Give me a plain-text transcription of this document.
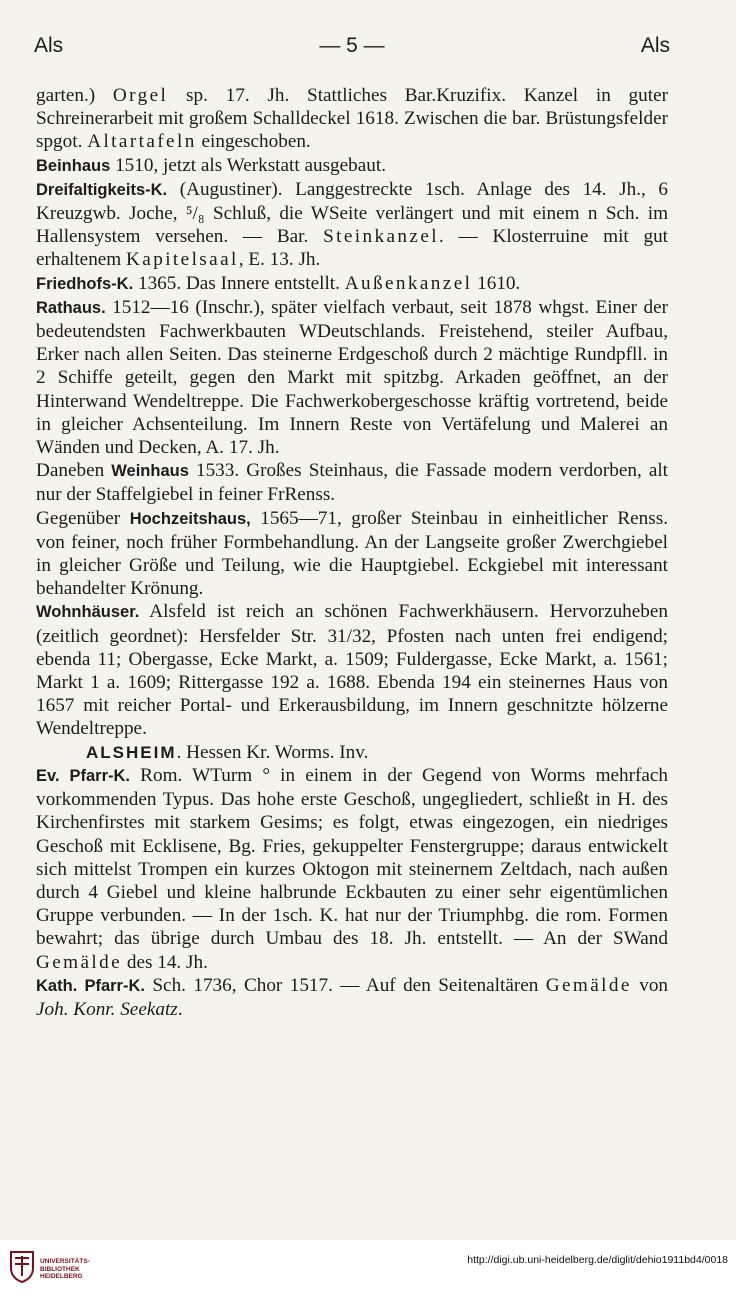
Als	— 5 —	Als
garten.) Orgel sp. 17. Jh. Stattliches Bar.Kruzifix. Kanzel in guter Schreinerarbeit mit großem Schalldeckel 1618. Zwischen die bar. Brüstungsfelder spgot. Altartafeln eingeschoben.
Beinhaus 1510, jetzt als Werkstatt ausgebaut.
Dreifaltigkeits-K. (Augustiner). Langgestreckte 1sch. Anlage des 14. Jh., 6 Kreuzgwb. Joche, ⁵/₈ Schluß, die WSeite verlängert und mit einem n Sch. im Hallensystem versehen. — Bar. Steinkanzel. — Klosterruine mit gut erhaltenem Kapitelsaal, E. 13. Jh.
Friedhofs-K. 1365. Das Innere entstellt. Außenkanzel 1610.
Rathaus. 1512—16 (Inschr.), später vielfach verbaut, seit 1878 whgst. Einer der bedeutendsten Fachwerkbauten WDeutschlands. Freistehend, steiler Aufbau, Erker nach allen Seiten. Das steinerne Erdgeschoß durch 2 mächtige Rundpfll. in 2 Schiffe geteilt, gegen den Markt mit spitzbg. Arkaden geöffnet, an der Hinterwand Wendeltreppe. Die Fachwerkobergeschosse kräftig vortretend, beide in gleicher Achsenteilung. Im Innern Reste von Vertäfelung und Malerei an Wänden und Decken, A. 17. Jh.
Daneben Weinhaus 1533. Großes Steinhaus, die Fassade modern verdorben, alt nur der Staffelgiebel in feiner FrRenss.
Gegenüber Hochzeitshaus, 1565—71, großer Steinbau in einheitlicher Renss. von feiner, noch früher Formbehandlung. An der Langseite großer Zwerchgiebel in gleicher Größe und Teilung, wie die Hauptgiebel. Eckgiebel mit interessant behandelter Krönung.
Wohnhäuser. Alsfeld ist reich an schönen Fachwerkhäusern. Hervorzuheben (zeitlich geordnet): Hersfelder Str. 31/32, Pfosten nach unten frei endigend; ebenda 11; Obergasse, Ecke Markt, a. 1509; Fuldergasse, Ecke Markt, a. 1561; Markt 1 a. 1609; Rittergasse 192 a. 1688. Ebenda 194 ein steinernes Haus von 1657 mit reicher Portal- und Erkerausbildung, im Innern geschnitzte hölzerne Wendeltreppe.
ALSHEIM. Hessen Kr. Worms. Inv.
Ev. Pfarr-K. Rom. WTurm ° in einem in der Gegend von Worms mehrfach vorkommenden Typus. Das hohe erste Geschoß, ungegliedert, schließt in H. des Kirchenfirstes mit starkem Gesims; es folgt, etwas eingezogen, ein niedriges Geschoß mit Ecklisene, Bg. Fries, gekuppelter Fenstergruppe; daraus entwickelt sich mittelst Trompen ein kurzes Oktogon mit steinernem Zeltdach, nach außen durch 4 Giebel und kleine halbrunde Eckbauten zu einer sehr eigentümlichen Gruppe verbunden. — In der 1sch. K. hat nur der Triumphbg. die rom. Formen bewahrt; das übrige durch Umbau des 18. Jh. entstellt. — An der SWand Gemälde des 14. Jh.
Kath. Pfarr-K. Sch. 1736, Chor 1517. — Auf den Seitenaltären Gemälde von Joh. Konr. Seekatz.
UNIVERSITÄTS-
BIBLIOTHEK
HEIDELBERG
http://digi.ub.uni-heidelberg.de/diglit/dehio1911bd4/0018
